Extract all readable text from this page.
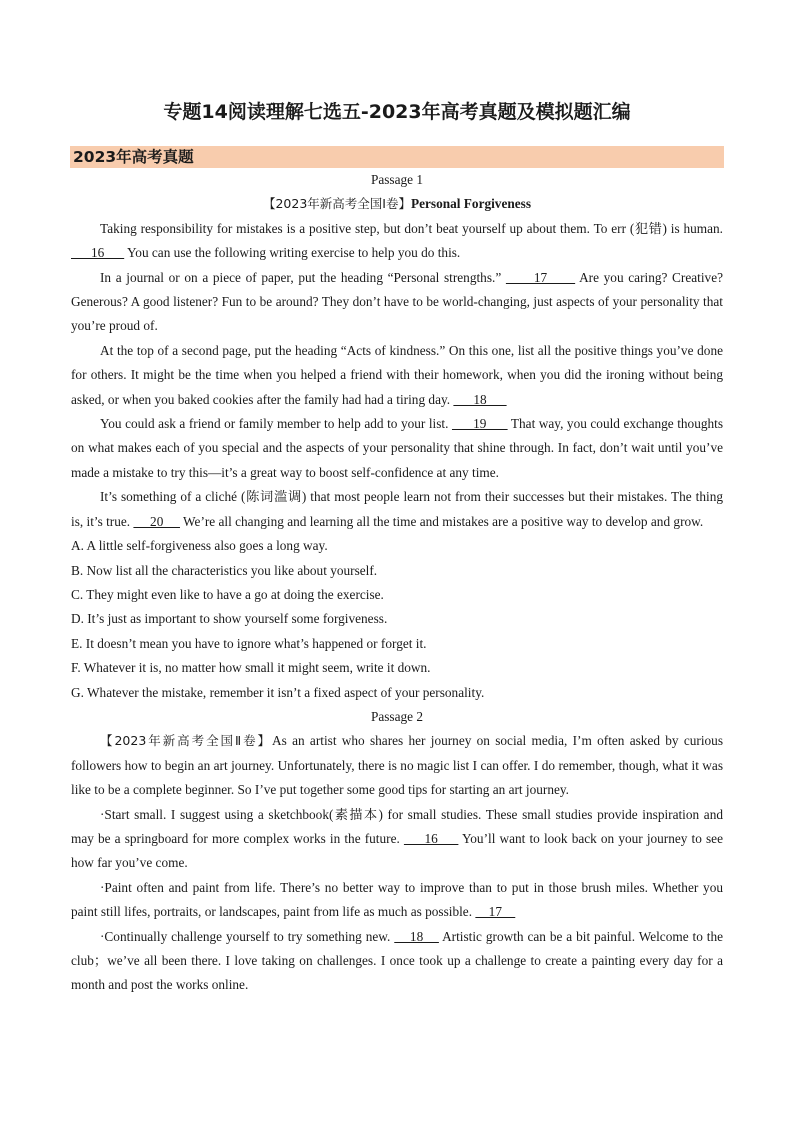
专题14阅读理解七选五-2023年高考真题及模拟题汇编
2023年高考真题
Passage 1
【2023年新高考全国Ⅰ卷】Personal Forgiveness

Taking responsibility for mistakes is a positive step, but don’t beat yourself up about them. To err (犯错) is human.       16       You can use the following writing exercise to help you do this.

In a journal or on a piece of paper, put the heading “Personal strengths.”       17       Are you caring? Creative? Generous? A good listener? Fun to be around? They don’t have to be world-changing, just aspects of your personality that you’re proud of.

At the top of a second page, put the heading “Acts of kindness.” On this one, list all the positive things you’ve done for others. It might be the time when you helped a friend with their homework, when you did the ironing without being asked, or when you baked cookies after the family had had a tiring day.       18

You could ask a friend or family member to help add to your list.       19       That way, you could exchange thoughts on what makes each of you special and the aspects of your personality that shine through. In fact, don’t wait until you’ve made a mistake to try this—it’s a great way to boost self-confidence at any time.

It’s something of a cliché (陈词滥调) that most people learn not from their successes but their mistakes. The thing is, it’s true.      20      We’re all changing and learning all the time and mistakes are a positive way to develop and grow.

A. A little self-forgiveness also goes a long way.

B. Now list all the characteristics you like about yourself.

C. They might even like to have a go at doing the exercise.

D. It’s just as important to show yourself some forgiveness.

E. It doesn’t mean you have to ignore what’s happened or forget it.

F. Whatever it is, no matter how small it might seem, write it down.

G. Whatever the mistake, remember it isn’t a fixed aspect of your personality.

Passage 2

【2023年新高考全国Ⅱ卷】As an artist who shares her journey on social media, I’m often asked by curious followers how to begin an art journey. Unfortunately, there is no magic list I can offer. I do remember, though, what it was like to be a complete beginner. So I’ve put together some good tips for starting an art journey.

·Start small. I suggest using a sketchbook(素描本) for small studies. These small studies provide inspiration and may be a springboard for more complex works in the future.      16      You’ll want to look back on your journey to see how far you’ve come.

·Paint often and paint from life. There’s no better way to improve than to put in those brush miles. Whether you paint still lifes, portraits, or landscapes, paint from life as much as possible.     17

·Continually challenge yourself to try something new.     18     Artistic growth can be a bit painful. Welcome to the club；we’ve all been there. I love taking on challenges. I once took up a challenge to create a painting every day for a month and post the works online.
